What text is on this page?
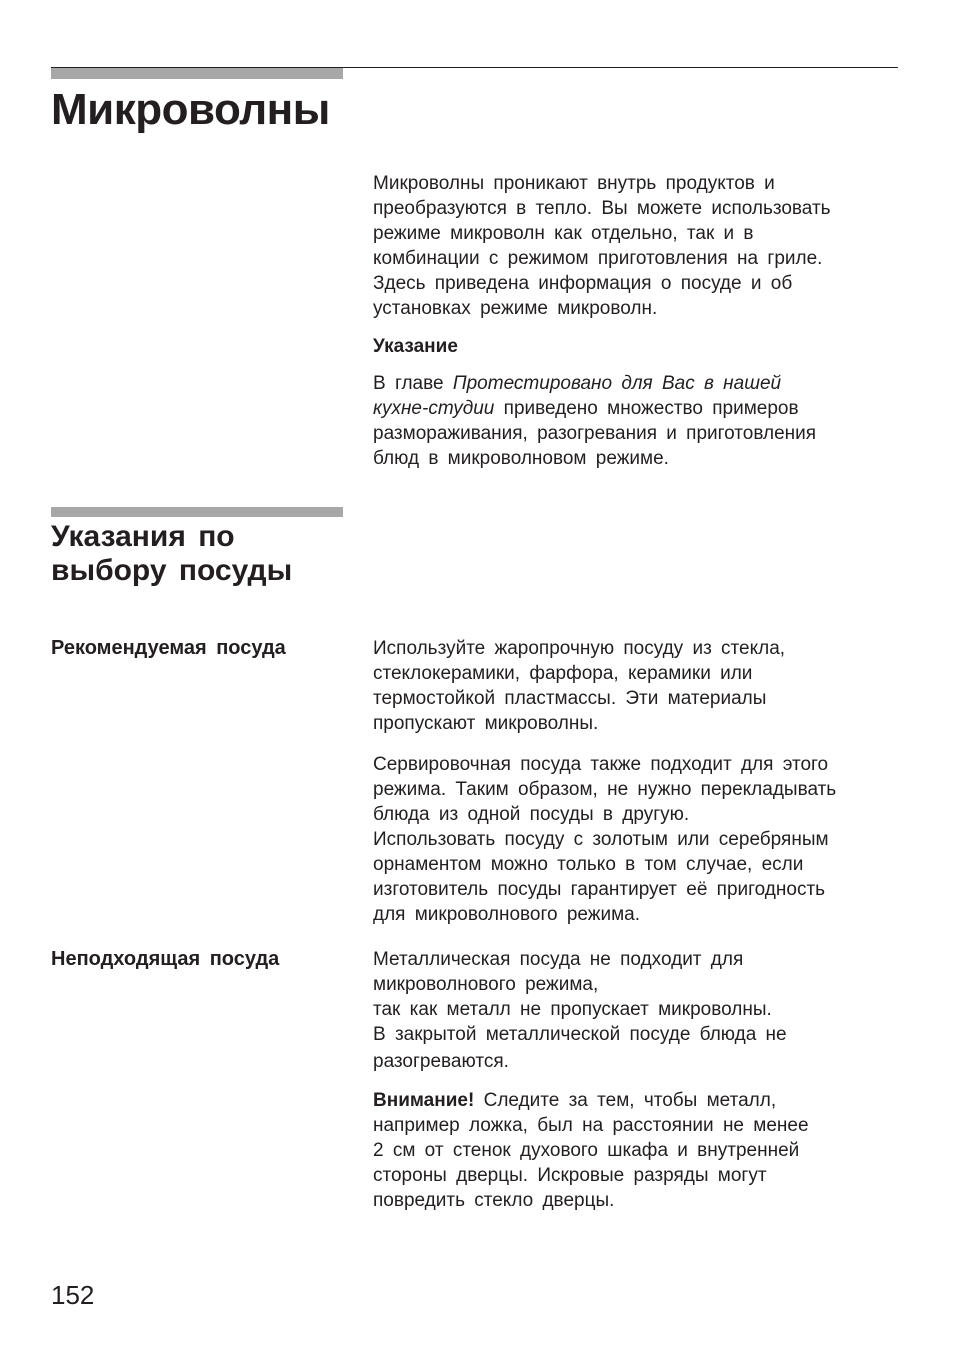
Микроволны
Микроволны проникают внутрь продуктов и
преобразуются в тепло. Вы можете использовать
режиме микроволн как отдельно, так и в
комбинации с режимом приготовления на гриле.
Здесь приведена информация о посуде и об
установках режиме микроволн.
Указание
В главе Протестировано для Вас в нашей
кухне-студии приведено множество примеров
размораживания, разогревания и приготовления
блюд в микроволновом режиме.
Указания по
выбору посуды
Рекомендуемая посуда	Используйте жаропрочную посуду из стекла,
стеклокерамики, фарфора, керамики или
термостойкой пластмассы. Эти материалы
пропускают микроволны.
Сервировочная посуда также подходит для этого
режима. Таким образом, не нужно перекладывать
блюда из одной посуды в другую.
Использовать посуду с золотым или серебряным
орнаментом можно только в том случае, если
изготовитель посуды гарантирует её пригодность
для микроволнового режима.
Неподходящая посуда	Металлическая посуда не подходит для
микроволнового режима,
так как металл не пропускает микроволны.
В закрытой металлической посуде блюда не
разогреваются.
Внимание! Следите за тем, чтобы металл,
например ложка, был на расстоянии не менее
2 см от стенок духового шкафа и внутренней
стороны дверцы. Искровые разряды могут
повредить стекло дверцы.
152
